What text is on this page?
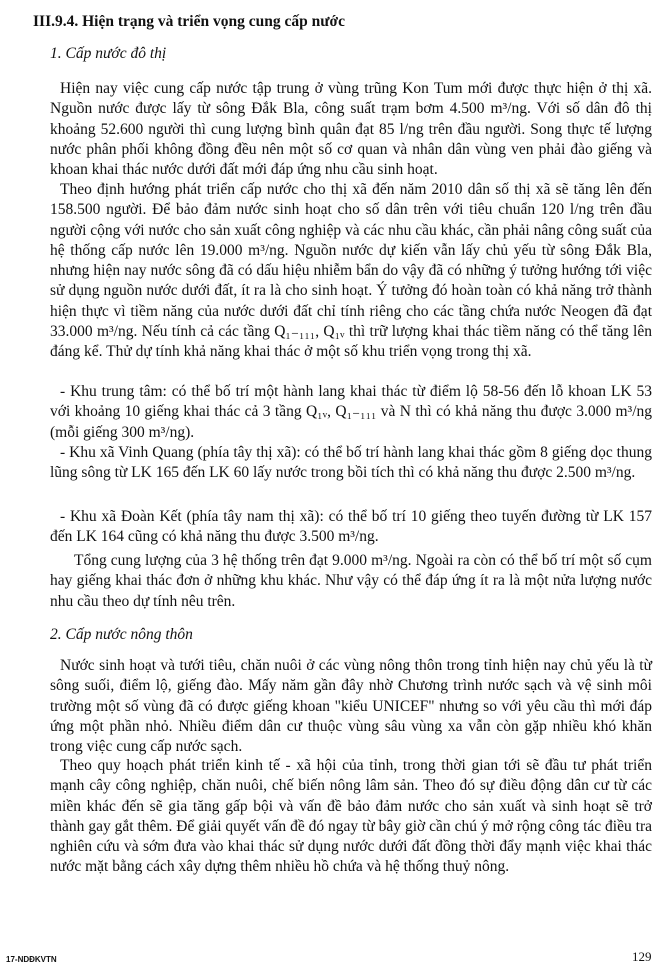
III.9.4. Hiện trạng và triển vọng cung cấp nước
1. Cấp nước đô thị
Hiện nay việc cung cấp nước tập trung ở vùng trũng Kon Tum mới được thực hiện ở thị xã. Nguồn nước được lấy từ sông Đắk Bla, công suất trạm bơm 4.500 m³/ng. Với số dân đô thị khoảng 52.600 người thì cung lượng bình quân đạt 85 l/ng trên đầu người. Song thực tế lượng nước phân phối không đồng đều nên một số cơ quan và nhân dân vùng ven phải đào giếng và khoan khai thác nước dưới đất mới đáp ứng nhu cầu sinh hoạt.
Theo định hướng phát triển cấp nước cho thị xã đến năm 2010 dân số thị xã sẽ tăng lên đến 158.500 người. Để bảo đảm nước sinh hoạt cho số dân trên với tiêu chuẩn 120 l/ng trên đầu người cộng với nước cho sản xuất công nghiệp và các nhu cầu khác, cần phải nâng công suất của hệ thống cấp nước lên 19.000 m³/ng. Nguồn nước dự kiến vẫn lấy chủ yếu từ sông Đắk Bla, nhưng hiện nay nước sông đã có dấu hiệu nhiễm bẩn do vậy đã có những ý tưởng hướng tới việc sử dụng nguồn nước dưới đất, ít ra là cho sinh hoạt. Ý tưởng đó hoàn toàn có khả năng trở thành hiện thực vì tiềm năng của nước dưới đất chỉ tính riêng cho các tầng chứa nước Neogen đã đạt 33.000 m³/ng. Nếu tính cả các tầng Q₁₋₁₁₁, Q₁ᵥ thì trữ lượng khai thác tiềm năng có thể tăng lên đáng kể. Thử dự tính khả năng khai thác ở một số khu triển vọng trong thị xã.
- Khu trung tâm: có thể bố trí một hành lang khai thác từ điểm lộ 58-56 đến lỗ khoan LK 53 với khoảng 10 giếng khai thác cả 3 tầng Q₁ᵥ, Q₁₋₁₁₁ và N thì có khả năng thu được 3.000 m³/ng (mỗi giếng 300 m³/ng).
- Khu xã Vinh Quang (phía tây thị xã): có thể bố trí hành lang khai thác gồm 8 giếng dọc thung lũng sông từ LK 165 đến LK 60 lấy nước trong bồi tích thì có khả năng thu được 2.500 m³/ng.
- Khu xã Đoàn Kết (phía tây nam thị xã): có thể bố trí 10 giếng theo tuyến đường từ LK 157 đến LK 164 cũng có khả năng thu được 3.500 m³/ng.
Tổng cung lượng của 3 hệ thống trên đạt 9.000 m³/ng. Ngoài ra còn có thể bố trí một số cụm hay giếng khai thác đơn ở những khu khác. Như vậy có thể đáp ứng ít ra là một nửa lượng nước nhu cầu theo dự tính nêu trên.
2. Cấp nước nông thôn
Nước sinh hoạt và tưới tiêu, chăn nuôi ở các vùng nông thôn trong tỉnh hiện nay chủ yếu là từ sông suối, điểm lộ, giếng đào. Mấy năm gần đây nhờ Chương trình nước sạch và vệ sinh môi trường một số vùng đã có được giếng khoan "kiểu UNICEF" nhưng so với yêu cầu thì mới đáp ứng một phần nhỏ. Nhiều điểm dân cư thuộc vùng sâu vùng xa vẫn còn gặp nhiều khó khăn trong việc cung cấp nước sạch.
Theo quy hoạch phát triển kinh tế - xã hội của tỉnh, trong thời gian tới sẽ đầu tư phát triển mạnh cây công nghiệp, chăn nuôi, chế biến nông lâm sản. Theo đó sự điều động dân cư từ các miền khác đến sẽ gia tăng gấp bội và vấn đề bảo đảm nước cho sản xuất và sinh hoạt sẽ trở thành gay gắt thêm. Để giải quyết vấn đề đó ngay từ bây giờ cần chú ý mở rộng công tác điều tra nghiên cứu và sớm đưa vào khai thác sử dụng nước dưới đất đồng thời đẩy mạnh việc khai thác nước mặt bằng cách xây dựng thêm nhiều hồ chứa và hệ thống thuỷ nông.
17-NDĐKVTN	129
